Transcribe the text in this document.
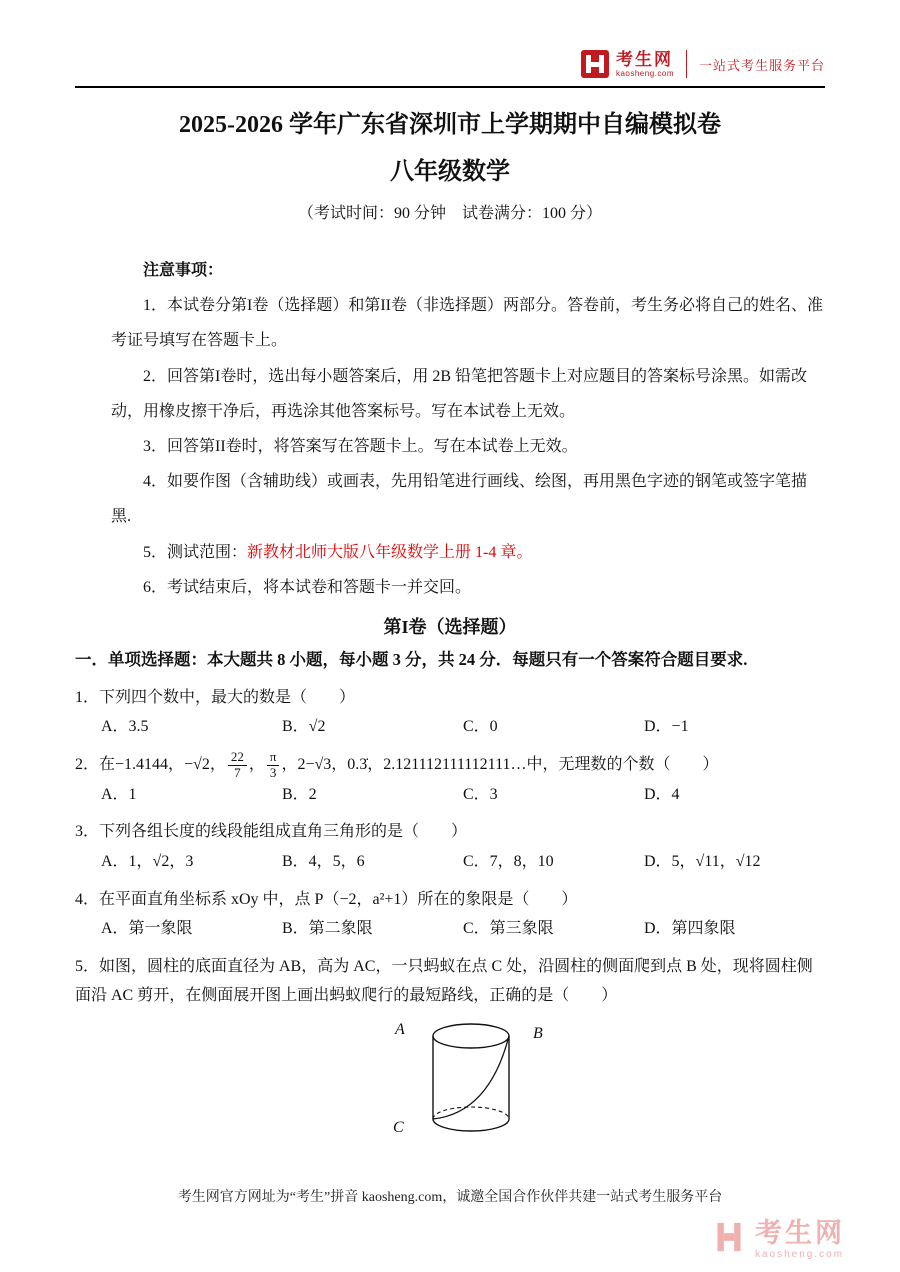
考生网
kaosheng.com
一站式考生服务平台
2025-2026 学年广东省深圳市上学期期中自编模拟卷
八年级数学
（考试时间：90 分钟　试卷满分：100 分）
注意事项：

1．本试卷分第I卷（选择题）和第II卷（非选择题）两部分。答卷前，考生务必将自己的姓名、准考证号填写在答题卡上。

2．回答第I卷时，选出每小题答案后，用 2B 铅笔把答题卡上对应题目的答案标号涂黑。如需改动，用橡皮擦干净后，再选涂其他答案标号。写在本试卷上无效。

3．回答第II卷时，将答案写在答题卡上。写在本试卷上无效。

4．如要作图（含辅助线）或画表，先用铅笔进行画线、绘图，再用黑色字迹的钢笔或签字笔描黑.

5．测试范围：新教材北师大版八年级数学上册 1-4 章。

6．考试结束后，将本试卷和答题卡一并交回。

第I卷（选择题）
一．单项选择题：本大题共 8 小题，每小题 3 分，共 24 分．每题只有一个答案符合题目要求.

1．下列四个数中，最大的数是（　　）

A．3.5	B．√2	C．0	D．−1

2．在−1.4144，−√2， $\frac{22}{7}$ ， $\frac{\pi}{3}$ ，2−√3，0.3̇，2.121112111112111…中，无理数的个数（　　）

A．1	B．2	C．3	D．4

3．下列各组长度的线段能组成直角三角形的是（　　）

A．1，√2，3	B．4，5，6	C．7，8，10	D．5，√11，√12

4．在平面直角坐标系 xOy 中，点 P（−2，a²+1）所在的象限是（　　）

A．第一象限	B．第二象限	C．第三象限	D．第四象限

5．如图，圆柱的底面直径为 AB，高为 AC，一只蚂蚁在点 C 处，沿圆柱的侧面爬到点 B 处，现将圆柱侧面沿 AC 剪开，在侧面展开图上画出蚂蚁爬行的最短路线，正确的是（　　）

A	B
C
考生网官方网址为“考生”拼音 kaosheng.com，诚邀全国合作伙伴共建一站式考生服务平台
考生网
kaosheng.com
